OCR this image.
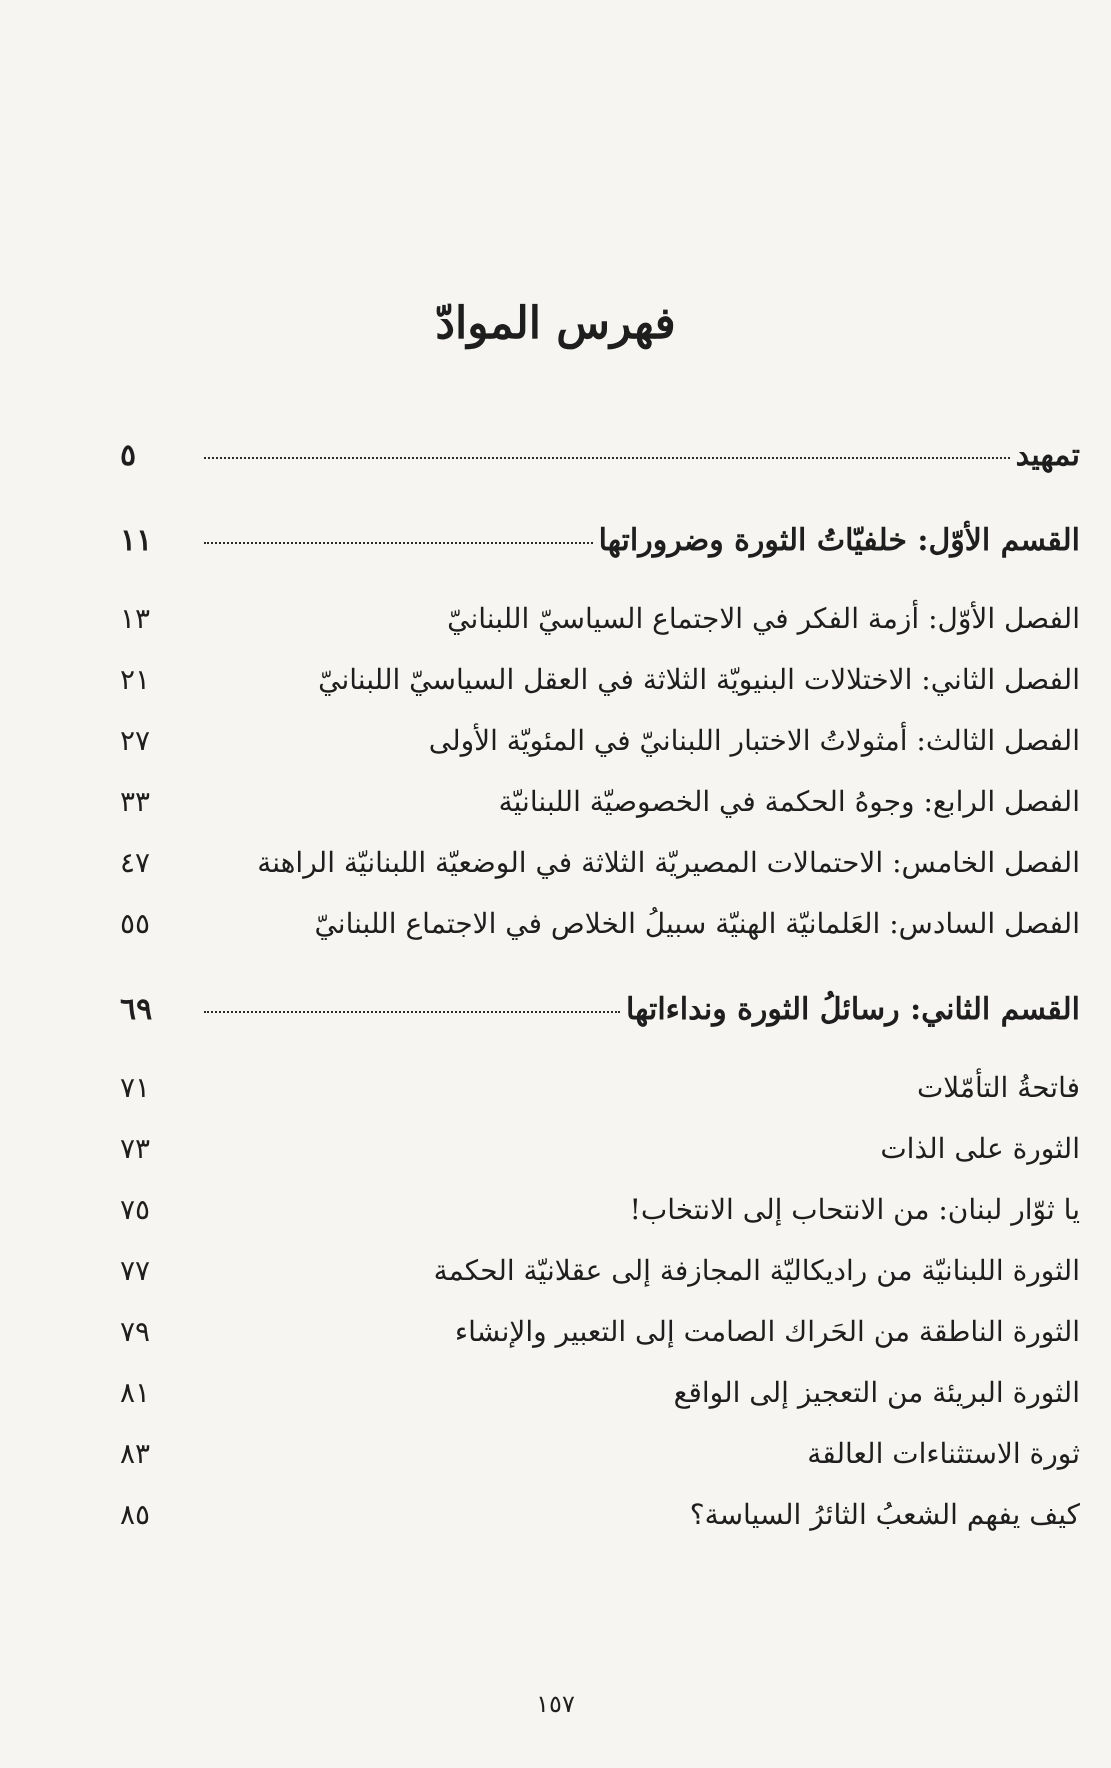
فهرس الموادّ
تمهيد
٥
القسم الأوّل: خلفيّاتُ الثورة وضروراتها
١١
الفصل الأوّل: أزمة الفكر في الاجتماع السياسيّ اللبنانيّ
١٣
الفصل الثاني: الاختلالات البنيويّة الثلاثة في العقل السياسيّ اللبنانيّ
٢١
الفصل الثالث: أمثولاتُ الاختبار اللبنانيّ في المئويّة الأولى
٢٧
الفصل الرابع: وجوهُ الحكمة في الخصوصيّة اللبنانيّة
٣٣
الفصل الخامس: الاحتمالات المصيريّة الثلاثة في الوضعيّة اللبنانيّة الراهنة
٤٧
الفصل السادس: العَلمانيّة الهنيّة سبيلُ الخلاص في الاجتماع اللبنانيّ
٥٥
القسم الثاني: رسائلُ الثورة ونداءاتها
٦٩
فاتحةُ التأمّلات
٧١
الثورة على الذات
٧٣
يا ثوّار لبنان: من الانتحاب إلى الانتخاب!
٧٥
الثورة اللبنانيّة من راديكاليّة المجازفة إلى عقلانيّة الحكمة
٧٧
الثورة الناطقة من الحَراك الصامت إلى التعبير والإنشاء
٧٩
الثورة البريئة من التعجيز إلى الواقع
٨١
ثورة الاستثناءات العالقة
٨٣
كيف يفهم الشعبُ الثائرُ السياسة؟
٨٥
١٥٧
